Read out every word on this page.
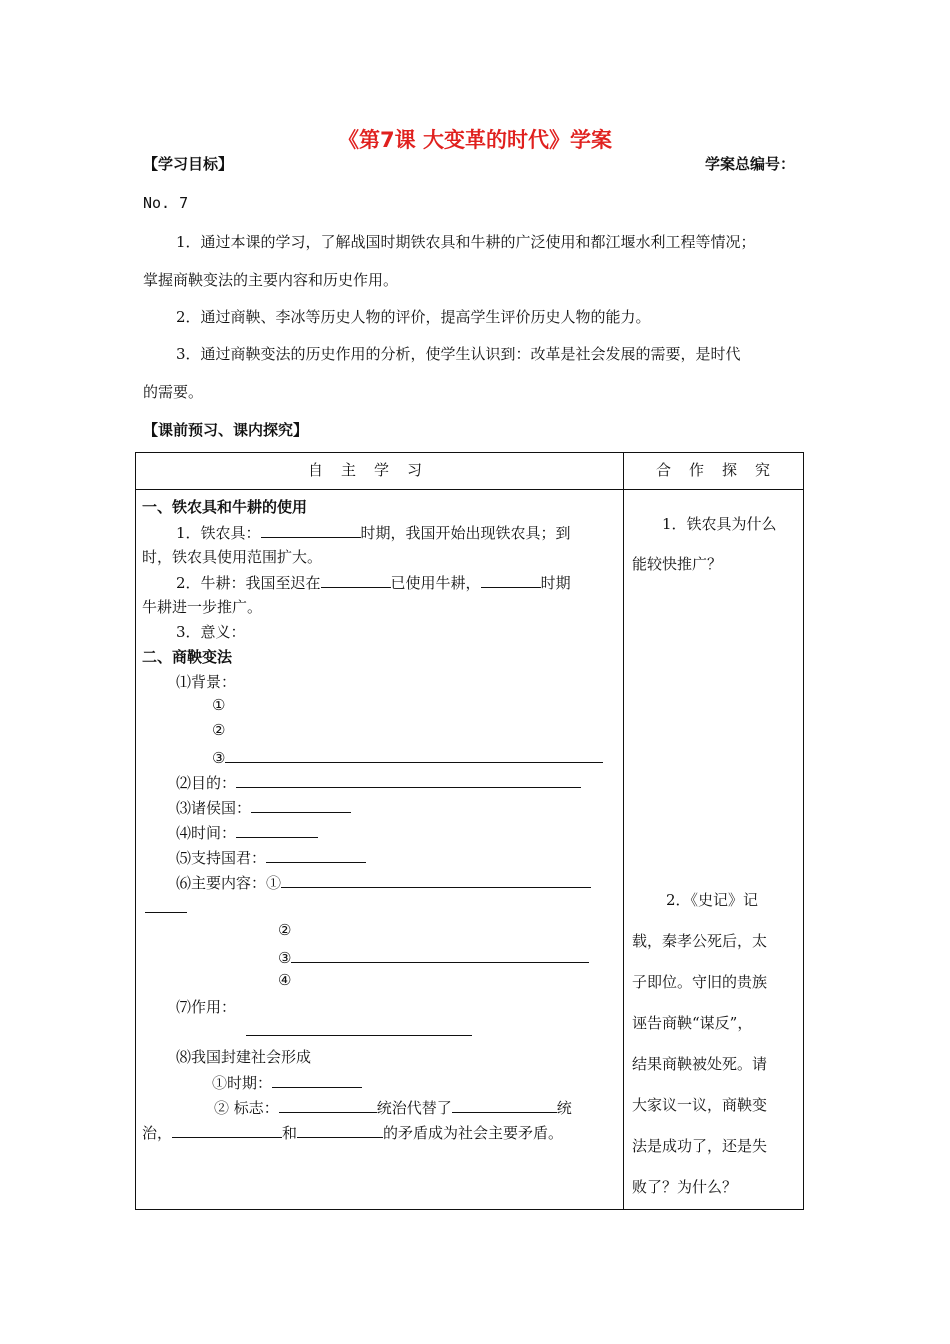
《第7课 大变革的时代》学案
【学习目标】	学案总编号：
No. 7
1．通过本课的学习，了解战国时期铁农具和牛耕的广泛使用和都江堰水利工程等情况；
掌握商鞅变法的主要内容和历史作用。
2．通过商鞅、李冰等历史人物的评价，提高学生评价历史人物的能力。
3．通过商鞅变法的历史作用的分析，使学生认识到：改革是社会发展的需要，是时代
的需要。
【课前预习、课内探究】
自主学习	合作探究
一、铁农具和牛耕的使用
1．铁农具：	时期，我国开始出现铁农具；到
时，铁农具使用范围扩大。
2．牛耕：我国至迟在	已使用牛耕，	时期
牛耕进一步推广。
3．意义：
二、商鞅变法
⑴背景：
①
②
③
⑵目的：
⑶诸侯国：
⑷时间：
⑸支持国君：
⑹主要内容：①
②
③
④
⑺作用：
⑻我国封建社会形成
①时期：
② 标志：	统治代替了	统
治，	和	的矛盾成为社会主要矛盾。
1．铁农具为什么
能较快推广？
2．《史记》记
载，秦孝公死后，太
子即位。守旧的贵族
诬告商鞅“谋反”，
结果商鞅被处死。请
大家议一议，商鞅变
法是成功了，还是失
败了？为什么？
